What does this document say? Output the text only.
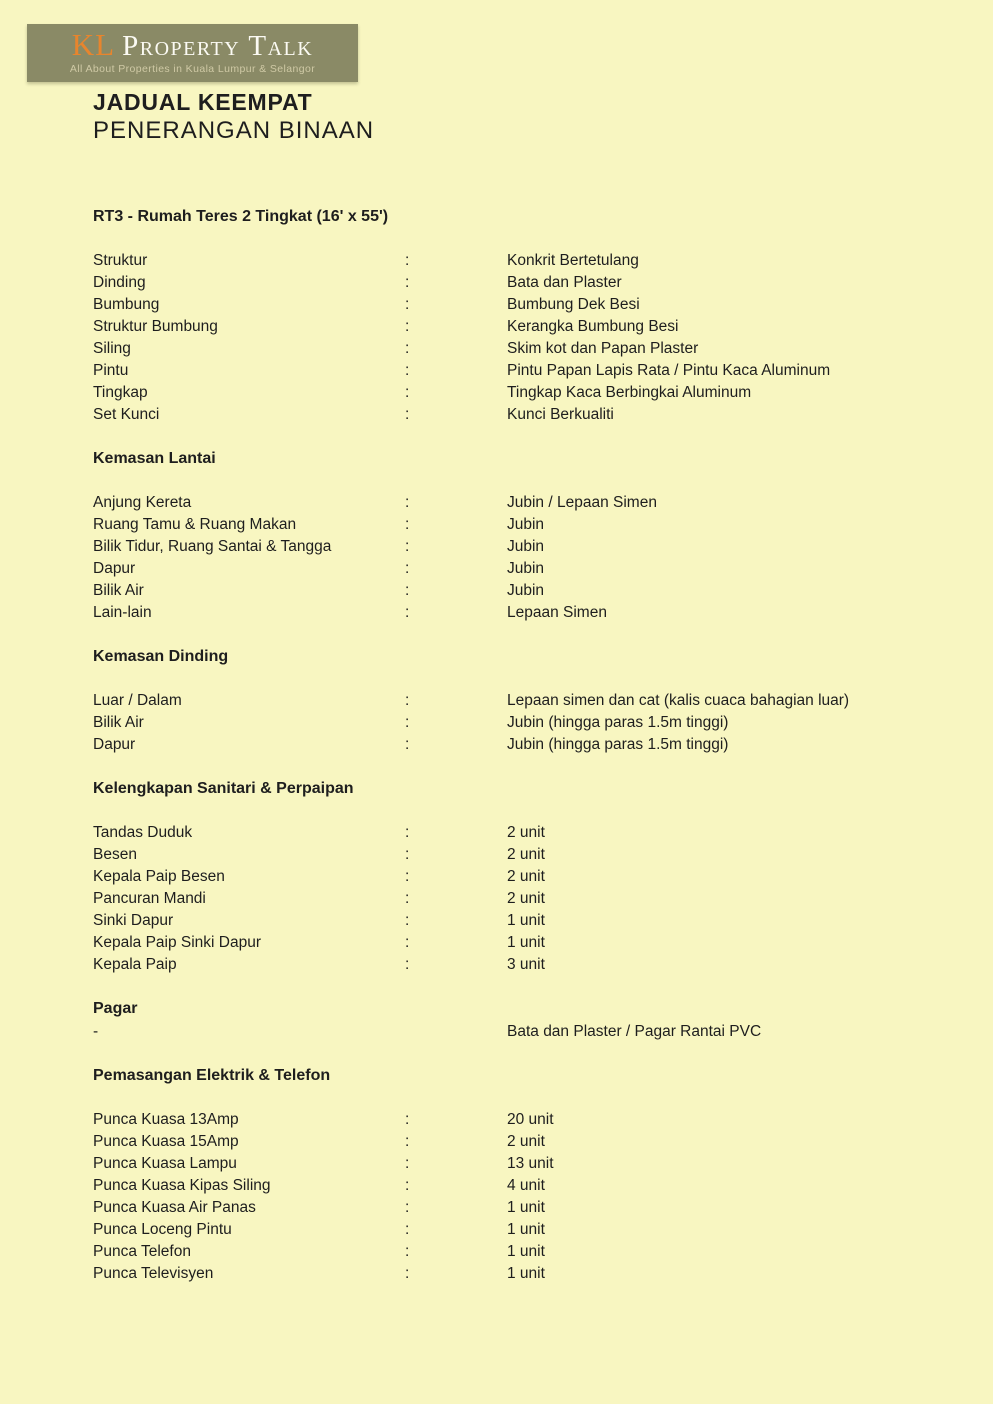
KL Property Talk
All About Properties in Kuala Lumpur & Selangor
JADUAL KEEMPAT
PENERANGAN BINAAN
RT3 - Rumah Teres 2 Tingkat (16' x 55')
Struktur	:	Konkrit Bertetulang
Dinding	:	Bata dan Plaster
Bumbung	:	Bumbung Dek Besi
Struktur Bumbung	:	Kerangka Bumbung Besi
Siling	:	Skim kot dan Papan Plaster
Pintu	:	Pintu Papan Lapis Rata / Pintu Kaca Aluminum
Tingkap	:	Tingkap Kaca Berbingkai Aluminum
Set Kunci	:	Kunci Berkualiti
Kemasan Lantai
Anjung Kereta	:	Jubin / Lepaan Simen
Ruang Tamu & Ruang Makan	:	Jubin
Bilik Tidur, Ruang Santai & Tangga	:	Jubin
Dapur	:	Jubin
Bilik Air	:	Jubin
Lain-lain	:	Lepaan Simen
Kemasan Dinding
Luar / Dalam	:	Lepaan simen dan cat (kalis cuaca bahagian luar)
Bilik Air	:	Jubin (hingga paras 1.5m tinggi)
Dapur	:	Jubin (hingga paras 1.5m tinggi)
Kelengkapan Sanitari & Perpaipan
Tandas Duduk	:	2 unit
Besen	:	2 unit
Kepala Paip Besen	:	2 unit
Pancuran Mandi	:	2 unit
Sinki Dapur	:	1 unit
Kepala Paip Sinki Dapur	:	1 unit
Kepala Paip	:	3 unit
Pagar
-	Bata dan Plaster / Pagar Rantai PVC
Pemasangan Elektrik & Telefon
Punca Kuasa 13Amp	:	20 unit
Punca Kuasa 15Amp	:	2 unit
Punca Kuasa Lampu	:	13 unit
Punca Kuasa Kipas Siling	:	4 unit
Punca Kuasa Air Panas	:	1 unit
Punca Loceng Pintu	:	1 unit
Punca Telefon	:	1 unit
Punca Televisyen	:	1 unit
